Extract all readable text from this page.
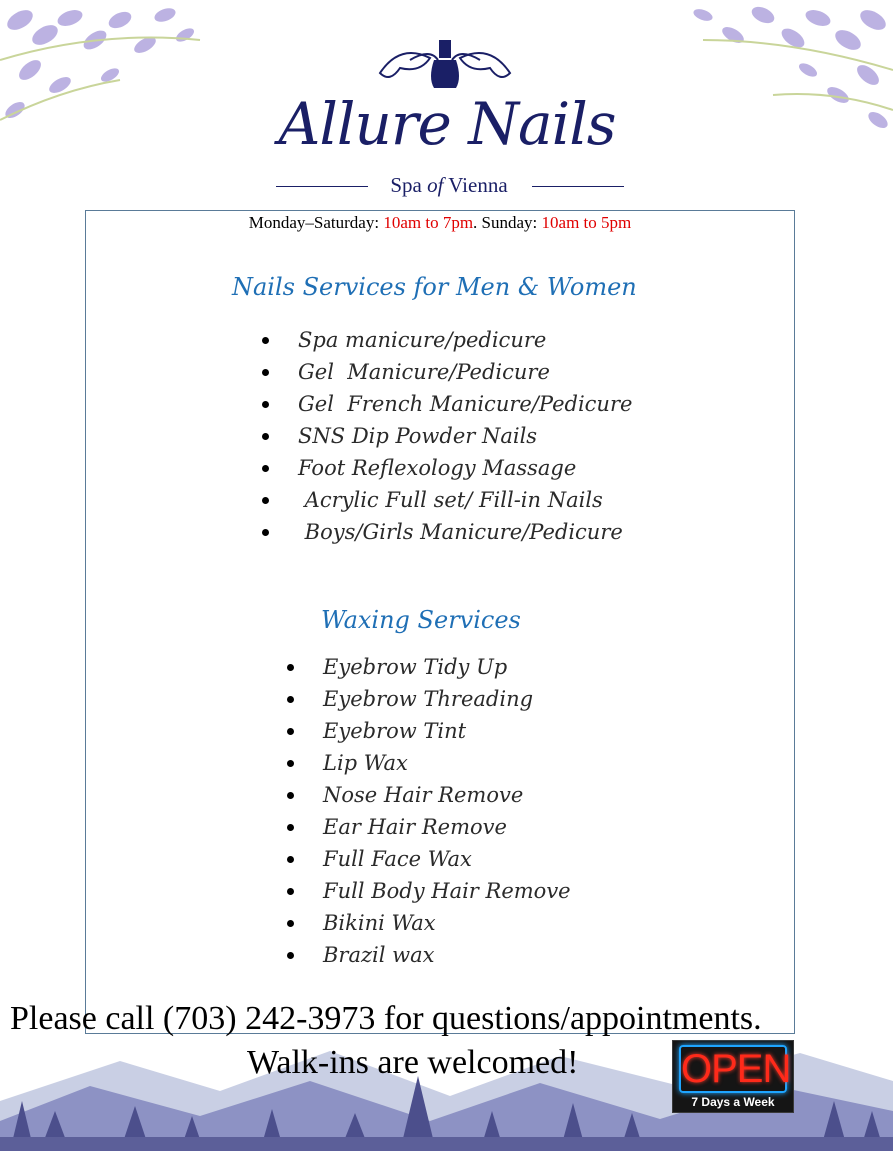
Allure Nails
Spa of Vienna
Monday–Saturday: 10am to 7pm. Sunday: 10am to 5pm
Nails Services for Men & Women
Spa manicure/pedicure
Gel  Manicure/Pedicure
Gel  French Manicure/Pedicure
SNS Dip Powder Nails
Foot Reflexology Massage
Acrylic Full set/ Fill-in Nails
Boys/Girls Manicure/Pedicure
Waxing Services
Eyebrow Tidy Up
Eyebrow Threading
Eyebrow Tint
Lip Wax
Nose Hair Remove
Ear Hair Remove
Full Face Wax
Full Body Hair Remove
Bikini Wax
Brazil wax
Please call (703) 242-3973 for questions/appointments.
Walk-ins are welcomed!	OPEN
7 Days a Week
